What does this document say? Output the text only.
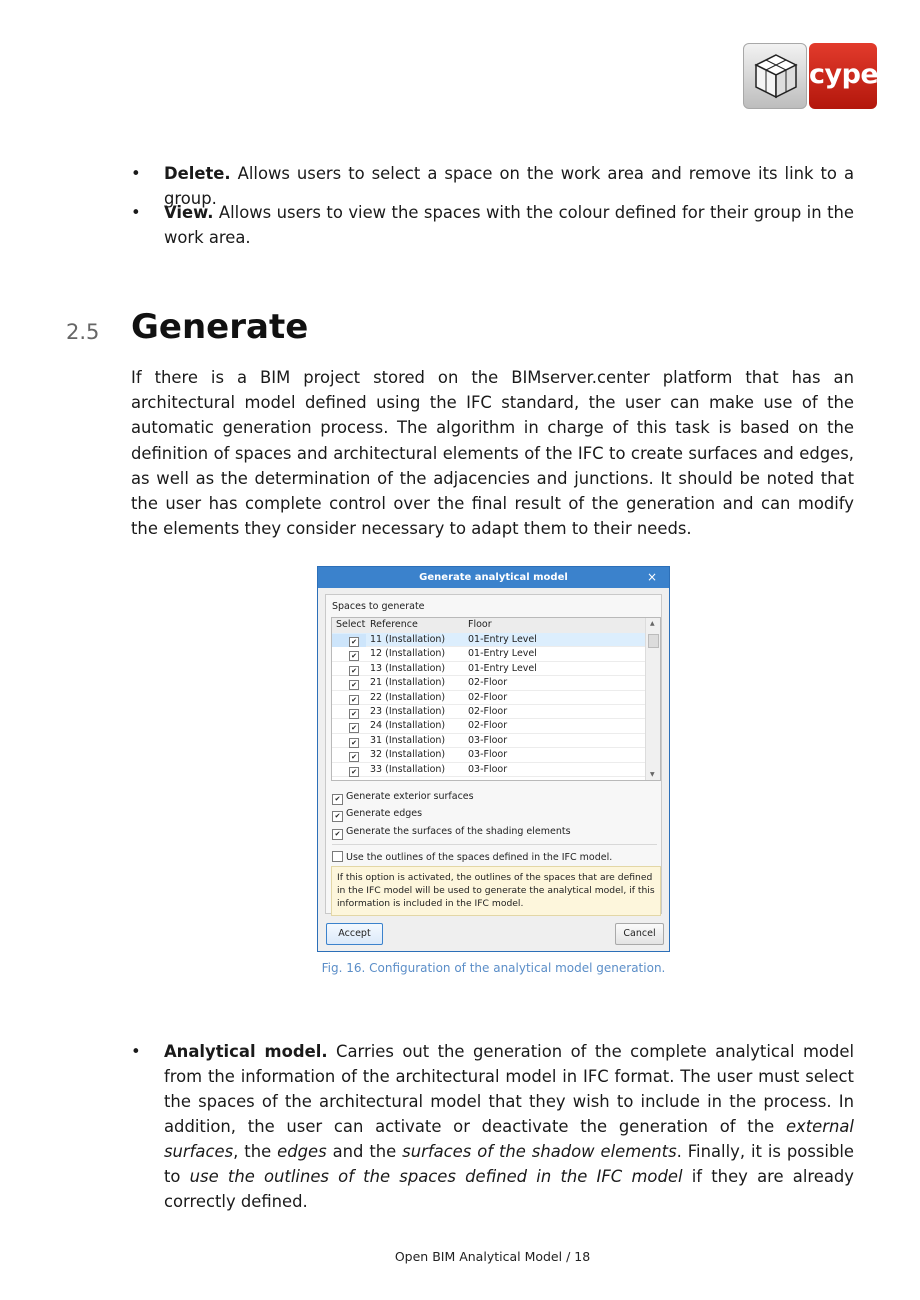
cype
• Delete. Allows users to select a space on the work area and remove its link to a group.
• View. Allows users to view the spaces with the colour defined for their group in the work area.
2.5 Generate

If there is a BIM project stored on the BIMserver.center platform that has an architectural model defined using the IFC standard, the user can make use of the automatic generation process. The algorithm in charge of this task is based on the definition of spaces and architectural elements of the IFC to create surfaces and edges, as well as the determination of the adjacencies and junctions. It should be noted that the user has complete control over the final result of the generation and can modify the elements they consider necessary to adapt them to their needs.

Generate analytical model	×
Spaces to generate
Select Reference	Floor
✔ 11 (Installation) 01-Entry Level
✔ 12 (Installation) 01-Entry Level
✔ 13 (Installation) 01-Entry Level
✔ 21 (Installation) 02-Floor
✔ 22 (Installation) 02-Floor
✔ 23 (Installation) 02-Floor
✔ 24 (Installation) 02-Floor
✔ 31 (Installation) 03-Floor
✔ 32 (Installation) 03-Floor
✔ 33 (Installation) 03-Floor
▲
▼
✔ Generate exterior surfaces
✔ Generate edges
✔ Generate the surfaces of the shading elements
Use the outlines of the spaces defined in the IFC model.
If this option is activated, the outlines of the spaces that are defined in the IFC model will be used to generate the analytical model, if this information is included in the IFC model.
Accept	Cancel
Fig. 16. Configuration of the analytical model generation.
• Analytical model. Carries out the generation of the complete analytical model from the information of the architectural model in IFC format. The user must select the spaces of the architectural model that they wish to include in the process. In addition, the user can activate or deactivate the generation of the external surfaces, the edges and the surfaces of the shadow elements. Finally, it is possible to use the outlines of the spaces defined in the IFC model if they are already correctly defined.
Open BIM Analytical Model / 18
